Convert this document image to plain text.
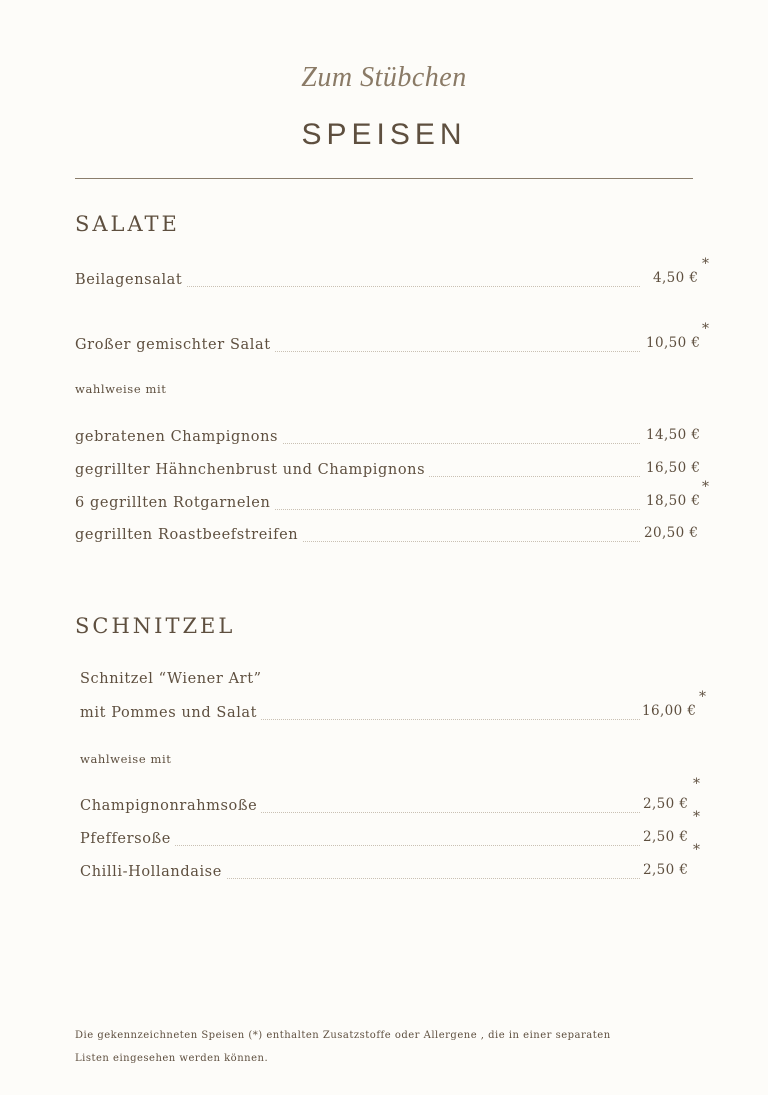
Zum Stübchen
SPEISEN
SALATE
Beilagensalat	4,50 €
*
Großer gemischter Salat	10,50 €
*
wahlweise mit
gebratenen Champignons	14,50 €
gegrillter Hähnchenbrust und Champignons	16,50 €
6 gegrillten Rotgarnelen	18,50 €
*
gegrillten Roastbeefstreifen	20,50 €
SCHNITZEL
Schnitzel “Wiener Art”
mit Pommes und Salat	16,00 €
*
wahlweise mit
Champignonrahmsoße	2,50 €
*
Pfeffersoße	2,50 €
*
Chilli-Hollandaise	2,50 €
*
Die gekennzeichneten Speisen (*) enthalten Zusatzstoffe oder Allergene , die in einer separaten
Listen eingesehen werden können.
